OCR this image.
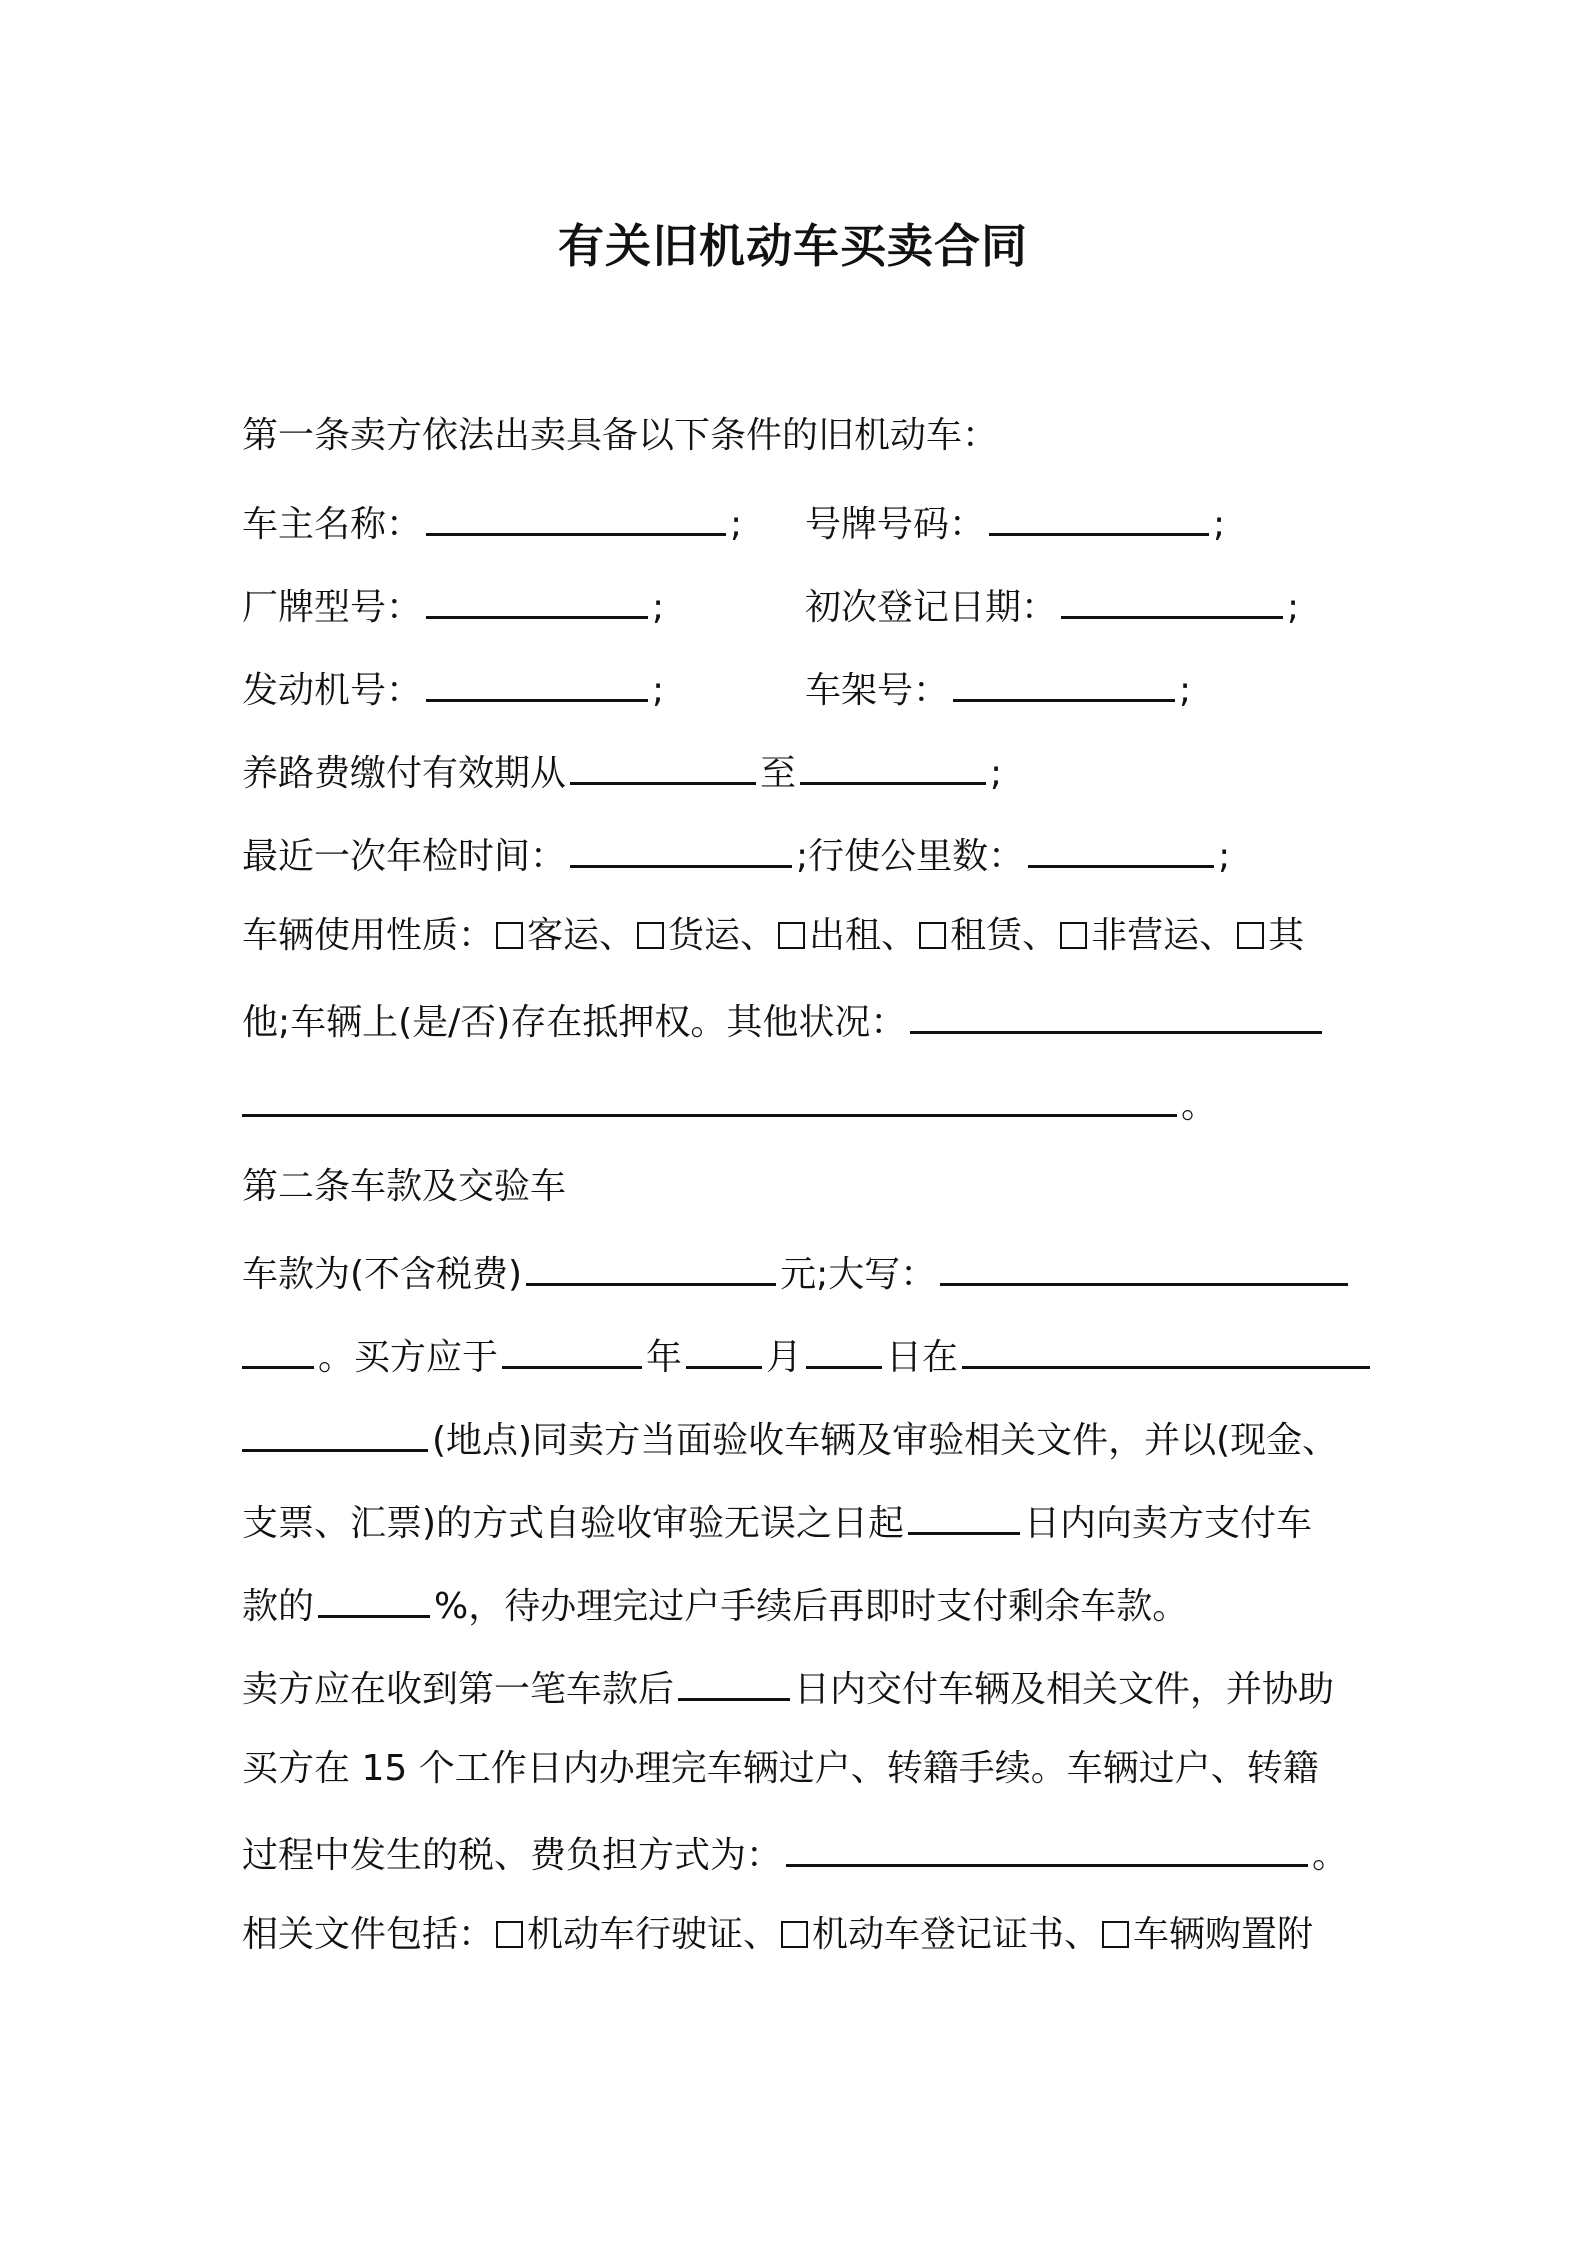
有关旧机动车买卖合同
第一条卖方依法出卖具备以下条件的旧机动车：
车主名称：	; 号牌号码：	;
厂牌型号：	;	初次登记日期：	;
发动机号：	;	车架号：	;
养路费缴付有效期从	至	;
最近一次年检时间：	;行使公里数：	;
车辆使用性质： 客运、 货运、 出租、 租赁、 非营运、 其
他;车辆上(是/否)存在抵押权。其他状况：
。
第二条车款及交验车
车款为(不含税费)	元;大写：
。买方应于	年 月 日在
(地点)同卖方当面验收车辆及审验相关文件，并以(现金、
支票、汇票)的方式自验收审验无误之日起	日内向卖方支付车
款的	%，待办理完过户手续后再即时支付剩余车款。
卖方应在收到第一笔车款后	日内交付车辆及相关文件，并协助
买方在 15 个工作日内办理完车辆过户、转籍手续。车辆过户、转籍
过程中发生的税、费负担方式为：	。
相关文件包括： 机动车行驶证、 机动车登记证书、 车辆购置附
